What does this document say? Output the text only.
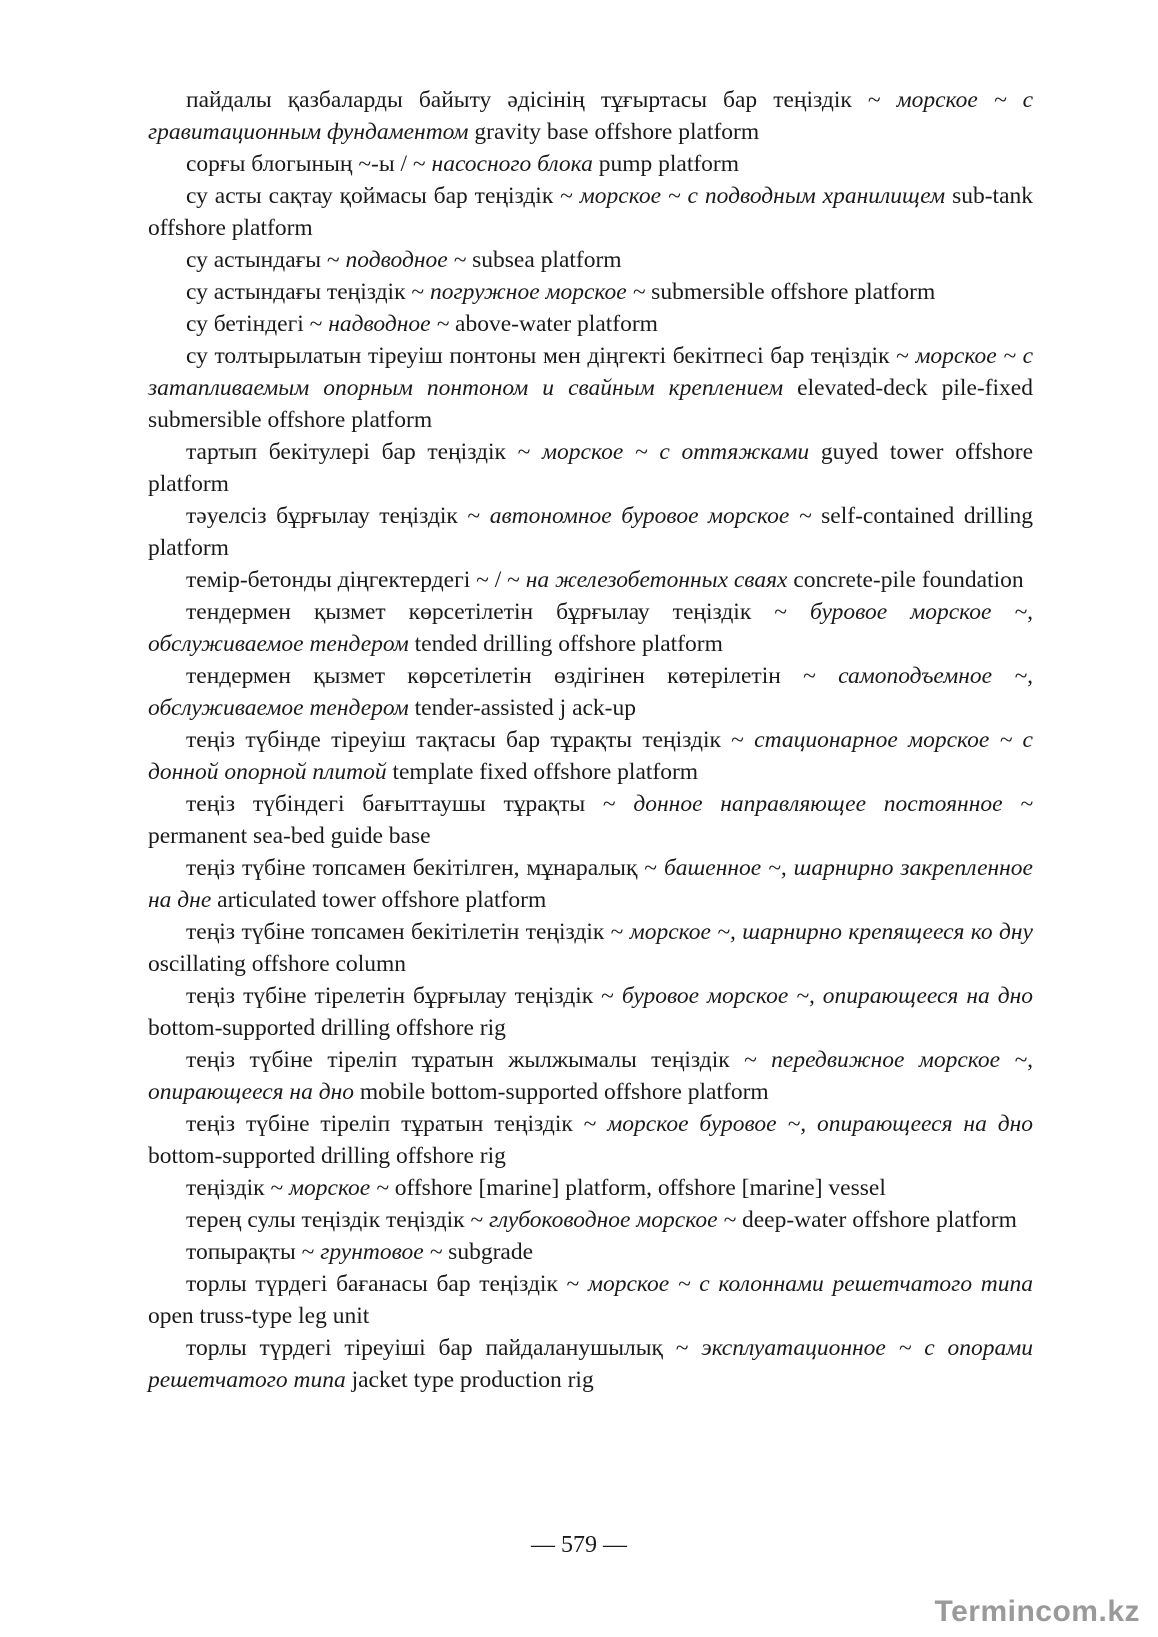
пайдалы қазбаларды байыту әдісінің тұғыртасы бар теңіздік ~ морское ~ с гравитационным фундаментом gravity base offshore platform

сорғы блогының ~-ы / ~ насосного блока pump platform

су асты сақтау қоймасы бар теңіздік ~ морское ~ с подводным хранилищем sub-tank offshore platform

су астындағы ~ подводное ~ subsea platform

су астындағы теңіздік ~ погружное морское ~ submersible offshore platform

су бетіндегі ~ надводное ~ above-water platform

су толтырылатын тіреуіш понтоны мен діңгекті бекітпесі бар теңіздік ~ морское ~ с затапливаемым опорным понтоном и свайным креплением elevated-deck pile-fixed submersible offshore platform

тартып бекітулері бар теңіздік ~ морское ~ с оттяжками guyed tower offshore platform

тәуелсіз бұрғылау теңіздік ~ автономное буровое морское ~ self-contained drilling platform

темір-бетонды діңгектердегі ~ / ~ на железобетонных сваях concrete-pile foundation

тендермен қызмет көрсетілетін бұрғылау теңіздік ~ буровое морское ~, обслуживаемое тендером tended drilling offshore platform

тендермен қызмет көрсетілетін өздігінен көтерілетін ~ самоподъемное ~, обслуживаемое тендером tender-assisted j ack-up

теңіз түбінде тіреуіш тақтасы бар тұрақты теңіздік ~ стационарное морское ~ с донной опорной плитой template fixed offshore platform

теңіз түбіндегі бағыттаушы тұрақты ~ донное направляющее постоянное ~ permanent sea-bed guide base

теңіз түбіне топсамен бекітілген, мұнаралық ~ башенное ~, шарнирно закрепленное на дне articulated tower offshore platform

теңіз түбіне топсамен бекітілетін теңіздік ~ морское ~, шарнирно крепящееся ко дну oscillating offshore column

теңіз түбіне тірелетін бұрғылау теңіздік ~ буровое морское ~, опирающееся на дно bottom-supported drilling offshore rig

теңіз түбіне тіреліп тұратын жылжымалы теңіздік ~ передвижное морское ~, опирающееся на дно mobile bottom-supported offshore platform

теңіз түбіне тіреліп тұратын теңіздік ~ морское буровое ~, опирающееся на дно bottom-supported drilling offshore rig

теңіздік ~ морское ~ offshore [marine] platform, offshore [marine] vessel

терең сулы теңіздік теңіздік ~ глубоководное морское ~ deep-water offshore platform

топырақты ~ грунтовое ~ subgrade

торлы түрдегі бағанасы бар теңіздік ~ морское ~ с колоннами решетчатого типа open truss-type leg unit

торлы түрдегі тіреуіші бар пайдаланушылық ~ эксплуатационное ~ с опорами решетчатого типа jacket type production rig

— 579 —
Termincom.kz
